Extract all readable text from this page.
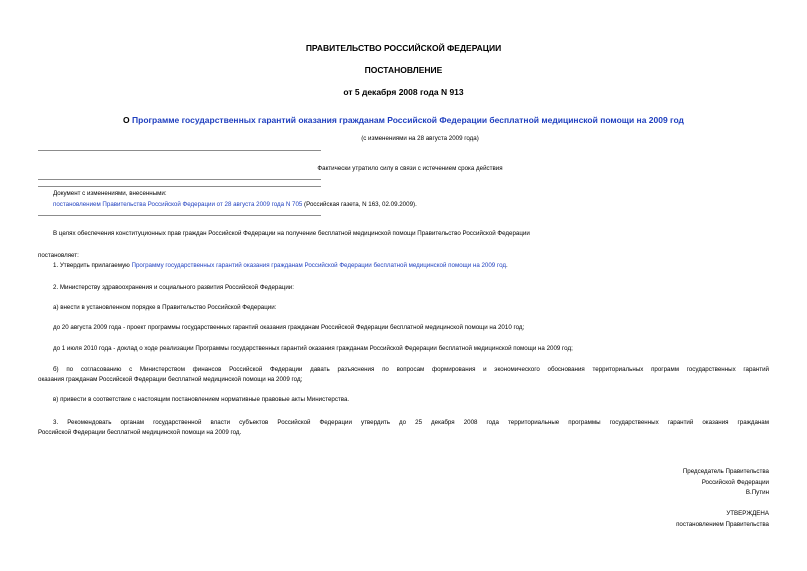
ПРАВИТЕЛЬСТВО РОССИЙСКОЙ ФЕДЕРАЦИИ
ПОСТАНОВЛЕНИЕ
от 5 декабря 2008 года N 913
О Программе государственных гарантий оказания гражданам Российской Федерации бесплатной медицинской помощи на 2009 год
(с изменениями на 28 августа 2009 года)
Фактически утратило силу в связи с истечением срока действия
Документ с изменениями, внесенными:
постановлением Правительства Российской Федерации от 28 августа 2009 года N 705 (Российская газета, N 163, 02.09.2009).
В целях обеспечения конституционных прав граждан Российской Федерации на получение бесплатной медицинской помощи Правительство Российской Федерации
постановляет:
1. Утвердить прилагаемую Программу государственных гарантий оказания гражданам Российской Федерации бесплатной медицинской помощи на 2009 год.
2. Министерству здравоохранения и социального развития Российской Федерации:
а) внести в установленном порядке в Правительство Российской Федерации:
до 20 августа 2009 года - проект программы государственных гарантий оказания гражданам Российской Федерации бесплатной медицинской помощи на 2010 год;
до 1 июля 2010 года - доклад о ходе реализации Программы государственных гарантий оказания гражданам Российской Федерации бесплатной медицинской помощи на 2009 год;
б) по согласованию с Министерством финансов Российской Федерации давать разъяснения по вопросам формирования и экономического обоснования территориальных программ государственных гарантий
оказания гражданам Российской Федерации бесплатной медицинской помощи на 2009 год;
в) привести в соответствие с настоящим постановлением нормативные правовые акты Министерства.
3. Рекомендовать органам государственной власти субъектов Российской Федерации утвердить до 25 декабря 2008 года территориальные программы государственных гарантий оказания гражданам
Российской Федерации бесплатной медицинской помощи на 2009 год.
Председатель Правительства
Российской Федерации
В.Путин
УТВЕРЖДЕНА
постановлением Правительства
